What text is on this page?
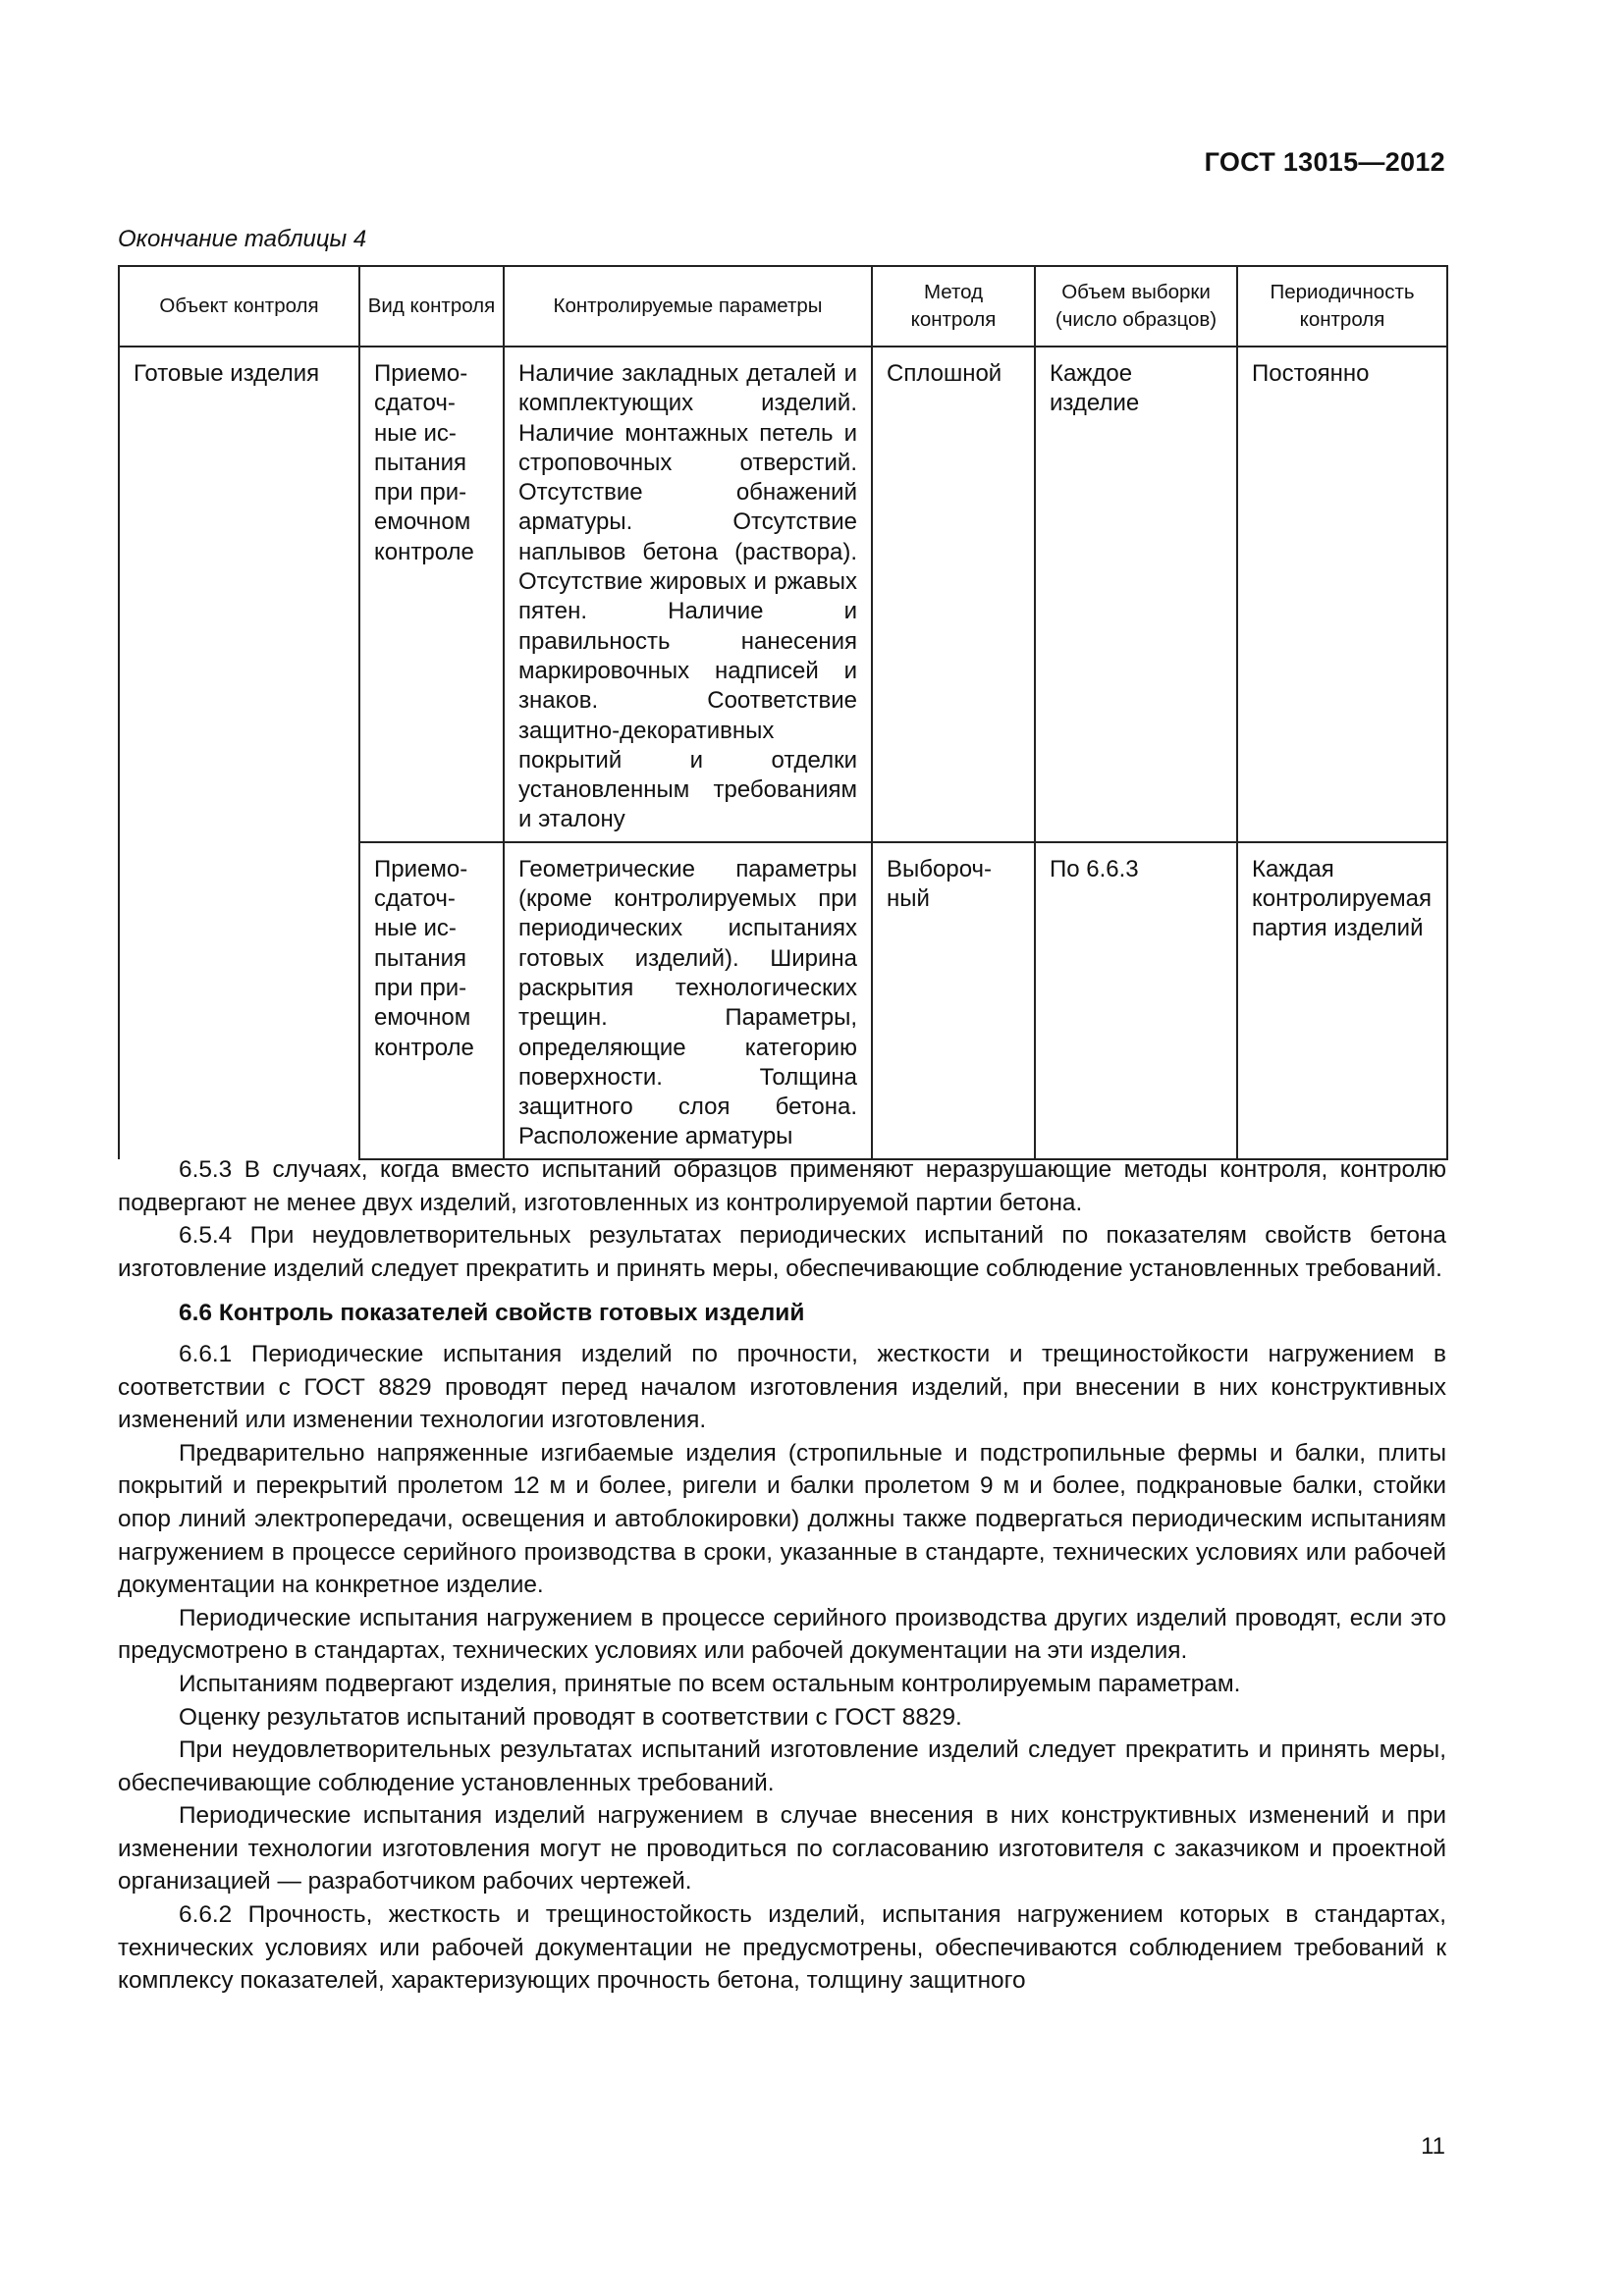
ГОСТ 13015—2012
Окончание таблицы 4
Объект контроля	Вид контроля	Контролируемые параметры	Метод контроля	Объем выборки (число образцов)	Периодичность контроля
Готовые изделия	Приемо-сдаточ-ные ис-пытания при при-емочном контроле	Наличие закладных деталей и комплектующих изделий. Наличие монтажных петель и строповочных отверстий. Отсутствие обнажений арматуры. Отсутствие наплывов бетона (раствора). Отсутствие жировых и ржавых пятен. Наличие и правильность нанесения маркировочных надписей и знаков. Соответствие защитно-декоративных покрытий и отделки установленным требованиям и эталону	Сплошной	Каждое изделие	Постоянно
	Приемо-сдаточ-ные ис-пытания при при-емочном контроле	Геометрические параметры (кроме контролируемых при периодических испытаниях готовых изделий). Ширина раскрытия технологических трещин. Параметры, определяющие категорию поверхности. Толщина защитного слоя бетона. Расположение арматуры	Выбороч-ный	По 6.6.3	Каждая контролируемая партия изделий

6.5.3 В случаях, когда вместо испытаний образцов применяют неразрушающие методы контроля, контролю подвергают не менее двух изделий, изготовленных из контролируемой партии бетона.

6.5.4 При неудовлетворительных результатах периодических испытаний по показателям свойств бетона изготовление изделий следует прекратить и принять меры, обеспечивающие соблюдение установленных требований.

6.6 Контроль показателей свойств готовых изделий

6.6.1 Периодические испытания изделий по прочности, жесткости и трещиностойкости нагружением в соответствии с ГОСТ 8829 проводят перед началом изготовления изделий, при внесении в них конструктивных изменений или изменении технологии изготовления.

Предварительно напряженные изгибаемые изделия (стропильные и подстропильные фермы и балки, плиты покрытий и перекрытий пролетом 12 м и более, ригели и балки пролетом 9 м и более, подкрановые балки, стойки опор линий электропередачи, освещения и автоблокировки) должны также подвергаться периодическим испытаниям нагружением в процессе серийного производства в сроки, указанные в стандарте, технических условиях или рабочей документации на конкретное изделие.

Периодические испытания нагружением в процессе серийного производства других изделий проводят, если это предусмотрено в стандартах, технических условиях или рабочей документации на эти изделия.

Испытаниям подвергают изделия, принятые по всем остальным контролируемым параметрам.

Оценку результатов испытаний проводят в соответствии с ГОСТ 8829.

При неудовлетворительных результатах испытаний изготовление изделий следует прекратить и принять меры, обеспечивающие соблюдение установленных требований.

Периодические испытания изделий нагружением в случае внесения в них конструктивных изменений и при изменении технологии изготовления могут не проводиться по согласованию изготовителя с заказчиком и проектной организацией — разработчиком рабочих чертежей.

6.6.2 Прочность, жесткость и трещиностойкость изделий, испытания нагружением которых в стандартах, технических условиях или рабочей документации не предусмотрены, обеспечиваются соблюдением требований к комплексу показателей, характеризующих прочность бетона, толщину защитного

11
